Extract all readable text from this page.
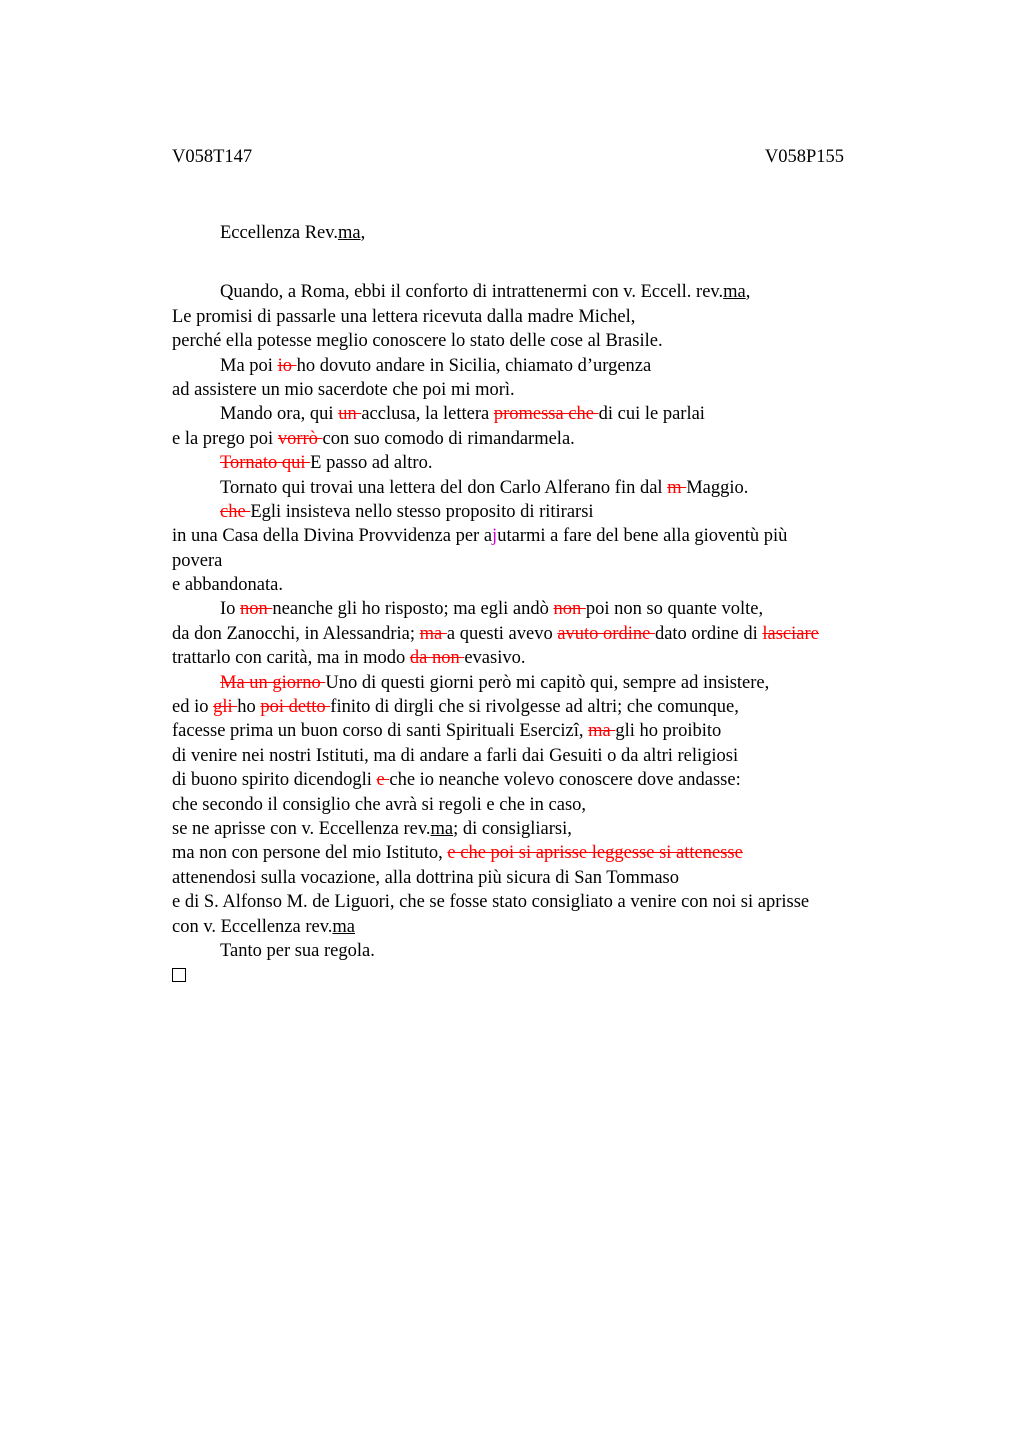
V058T147	V058P155
Eccellenza Rev.ma,
Quando, a Roma, ebbi il conforto di intrattenermi con v. Eccell. rev.ma,
Le promisi di passarle una lettera ricevuta dalla madre Michel,
perché ella potesse meglio conoscere lo stato delle cose al Brasile.
Ma poi io ho dovuto andare in Sicilia, chiamato d’urgenza
ad assistere un mio sacerdote che poi mi morì.
Mando ora, qui un acclusa, la lettera promessa che di cui le parlai
e la prego poi vorrò con suo comodo di rimandarmela.
Tornato qui E passo ad altro.
Tornato qui trovai una lettera del don Carlo Alferano fin dal m Maggio.
che Egli insisteva nello stesso proposito di ritirarsi
in una Casa della Divina Provvidenza per ajutarmi a fare del bene alla gioventù più
povera
e abbandonata.
Io non neanche gli ho risposto; ma egli andò non poi non so quante volte,
da don Zanocchi, in Alessandria; ma a questi avevo avuto ordine dato ordine di lasciare
trattarlo con carità, ma in modo da non evasivo.
Ma un giorno Uno di questi giorni però mi capitò qui, sempre ad insistere,
ed io gli ho poi detto finito di dirgli che si rivolgesse ad altri; che comunque,
facesse prima un buon corso di santi Spirituali Esercizi, ma gli ho proibito
di venire nei nostri Istituti, ma di andare a farli dai Gesuiti o da altri religiosi
di buono spirito dicendogli e che io neanche volevo conoscere dove andasse:
che secondo il consiglio che avrà si regoli e che in caso,
se ne aprisse con v. Eccellenza rev.ma; di consigliarsi,
ma non con persone del mio Istituto, e che poi si aprisse leggesse si attenesse
attenendosi sulla vocazione, alla dottrina più sicura di San Tommaso
e di S. Alfonso M. de Liguori, che se fosse stato consigliato a venire con noi si aprisse
con v. Eccellenza rev.ma
Tanto per sua regola.
